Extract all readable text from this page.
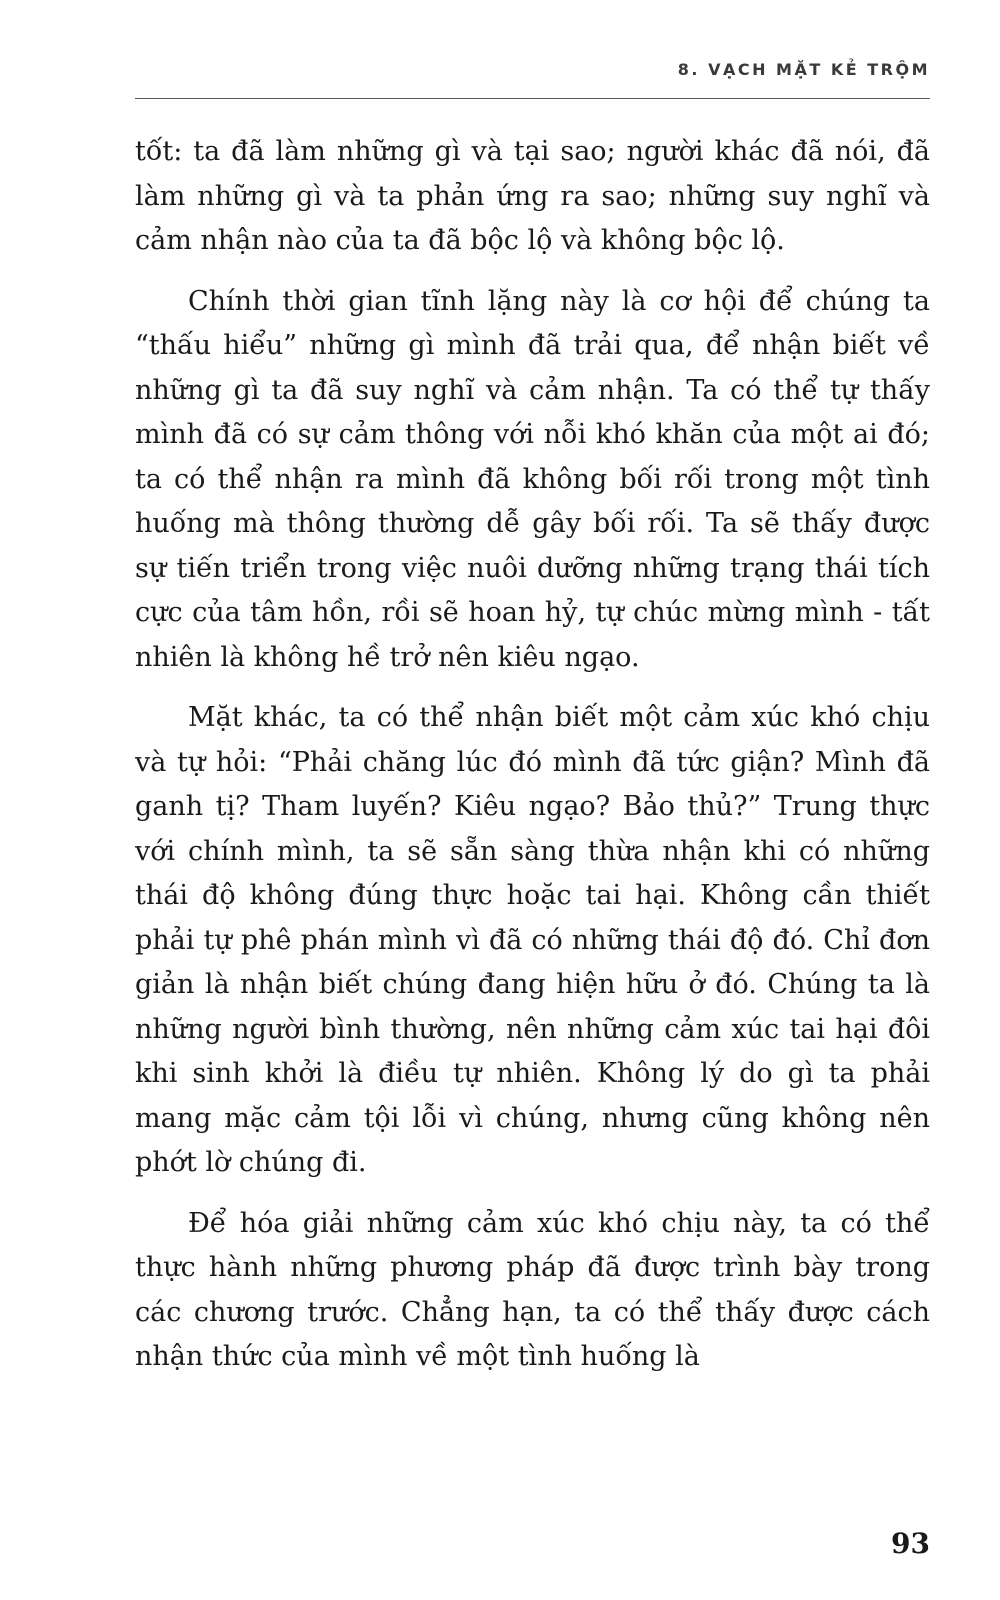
8. VẠCH MẶT KẺ TRỘM

tốt: ta đã làm những gì và tại sao; người khác đã nói, đã làm những gì và ta phản ứng ra sao; những suy nghĩ và cảm nhận nào của ta đã bộc lộ và không bộc lộ.

Chính thời gian tĩnh lặng này là cơ hội để chúng ta “thấu hiểu” những gì mình đã trải qua, để nhận biết về những gì ta đã suy nghĩ và cảm nhận. Ta có thể tự thấy mình đã có sự cảm thông với nỗi khó khăn của một ai đó; ta có thể nhận ra mình đã không bối rối trong một tình huống mà thông thường dễ gây bối rối. Ta sẽ thấy được sự tiến triển trong việc nuôi dưỡng những trạng thái tích cực của tâm hồn, rồi sẽ hoan hỷ, tự chúc mừng mình - tất nhiên là không hề trở nên kiêu ngạo.

Mặt khác, ta có thể nhận biết một cảm xúc khó chịu và tự hỏi: “Phải chăng lúc đó mình đã tức giận? Mình đã ganh tị? Tham luyến? Kiêu ngạo? Bảo thủ?” Trung thực với chính mình, ta sẽ sẵn sàng thừa nhận khi có những thái độ không đúng thực hoặc tai hại. Không cần thiết phải tự phê phán mình vì đã có những thái độ đó. Chỉ đơn giản là nhận biết chúng đang hiện hữu ở đó. Chúng ta là những người bình thường, nên những cảm xúc tai hại đôi khi sinh khởi là điều tự nhiên. Không lý do gì ta phải mang mặc cảm tội lỗi vì chúng, nhưng cũng không nên phớt lờ chúng đi.

Để hóa giải những cảm xúc khó chịu này, ta có thể thực hành những phương pháp đã được trình bày trong các chương trước. Chẳng hạn, ta có thể thấy được cách nhận thức của mình về một tình huống là

93
